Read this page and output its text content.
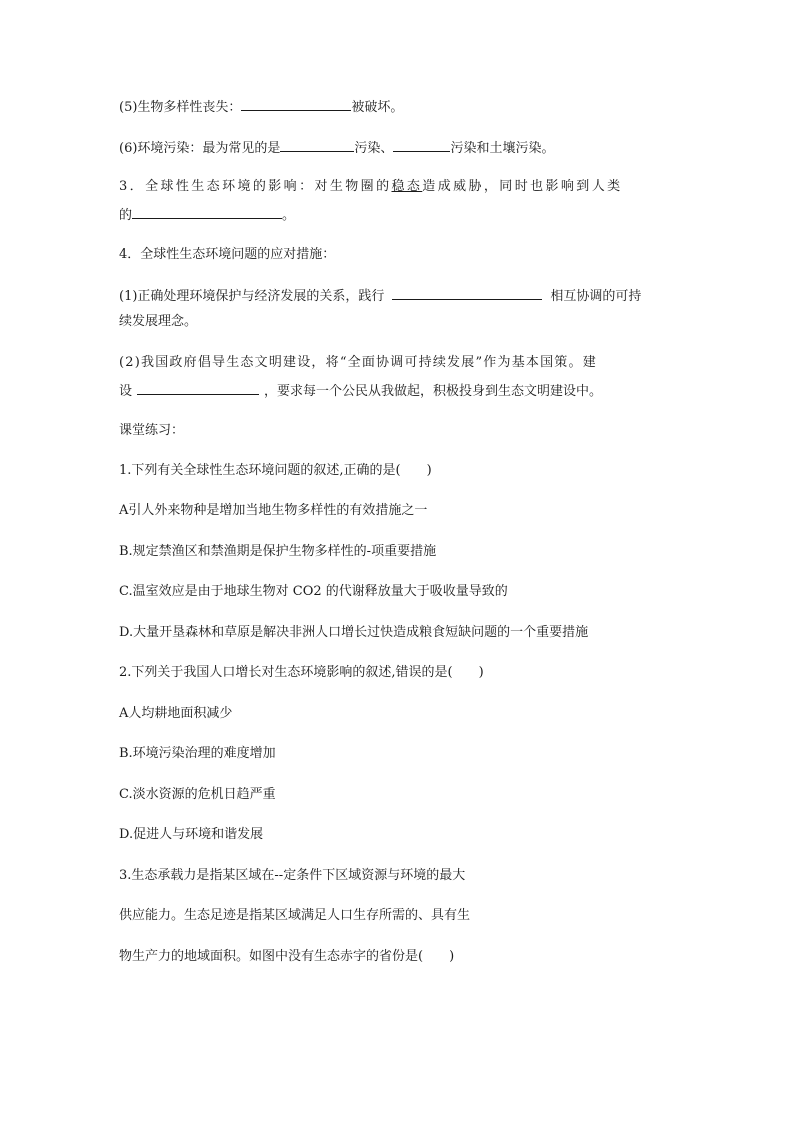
(5)生物多样性丧失：	被破坏。
(6)环境污染：最为常见的是	污染、	污染和土壤污染。
3．全球性生态环境的影响：对生物圈的稳态造成威胁，同时也影响到人类
的	。
4．全球性生态环境问题的应对措施：
(1)正确处理环境保护与经济发展的关系，践行	相互协调的可持
续发展理念。
(2)我国政府倡导生态文明建设，将“全面协调可持续发展”作为基本国策。建
设	，要求每一个公民从我做起，积极投身到生态文明建设中。
课堂练习：
1.下列有关全球性生态环境问题的叙述,正确的是(　　)
A引人外来物种是增加当地生物多样性的有效措施之一
B.规定禁渔区和禁渔期是保护生物多样性的-项重要措施
C.温室效应是由于地球生物对 CO2 的代谢释放量大于吸收量导致的
D.大量开垦森林和草原是解决非洲人口增长过快造成粮食短缺问题的一个重要措施
2.下列关于我国人口增长对生态环境影响的叙述,错误的是(　　)
A人均耕地面积减少
B.环境污染治理的难度增加
C.淡水资源的危机日趋严重
D.促进人与环境和谐发展
3.生态承载力是指某区域在--定条件下区域资源与环境的最大
供应能力。生态足迹是指某区域满足人口生存所需的、具有生
物生产力的地域面积。如图中没有生态赤字的省份是(　　)
